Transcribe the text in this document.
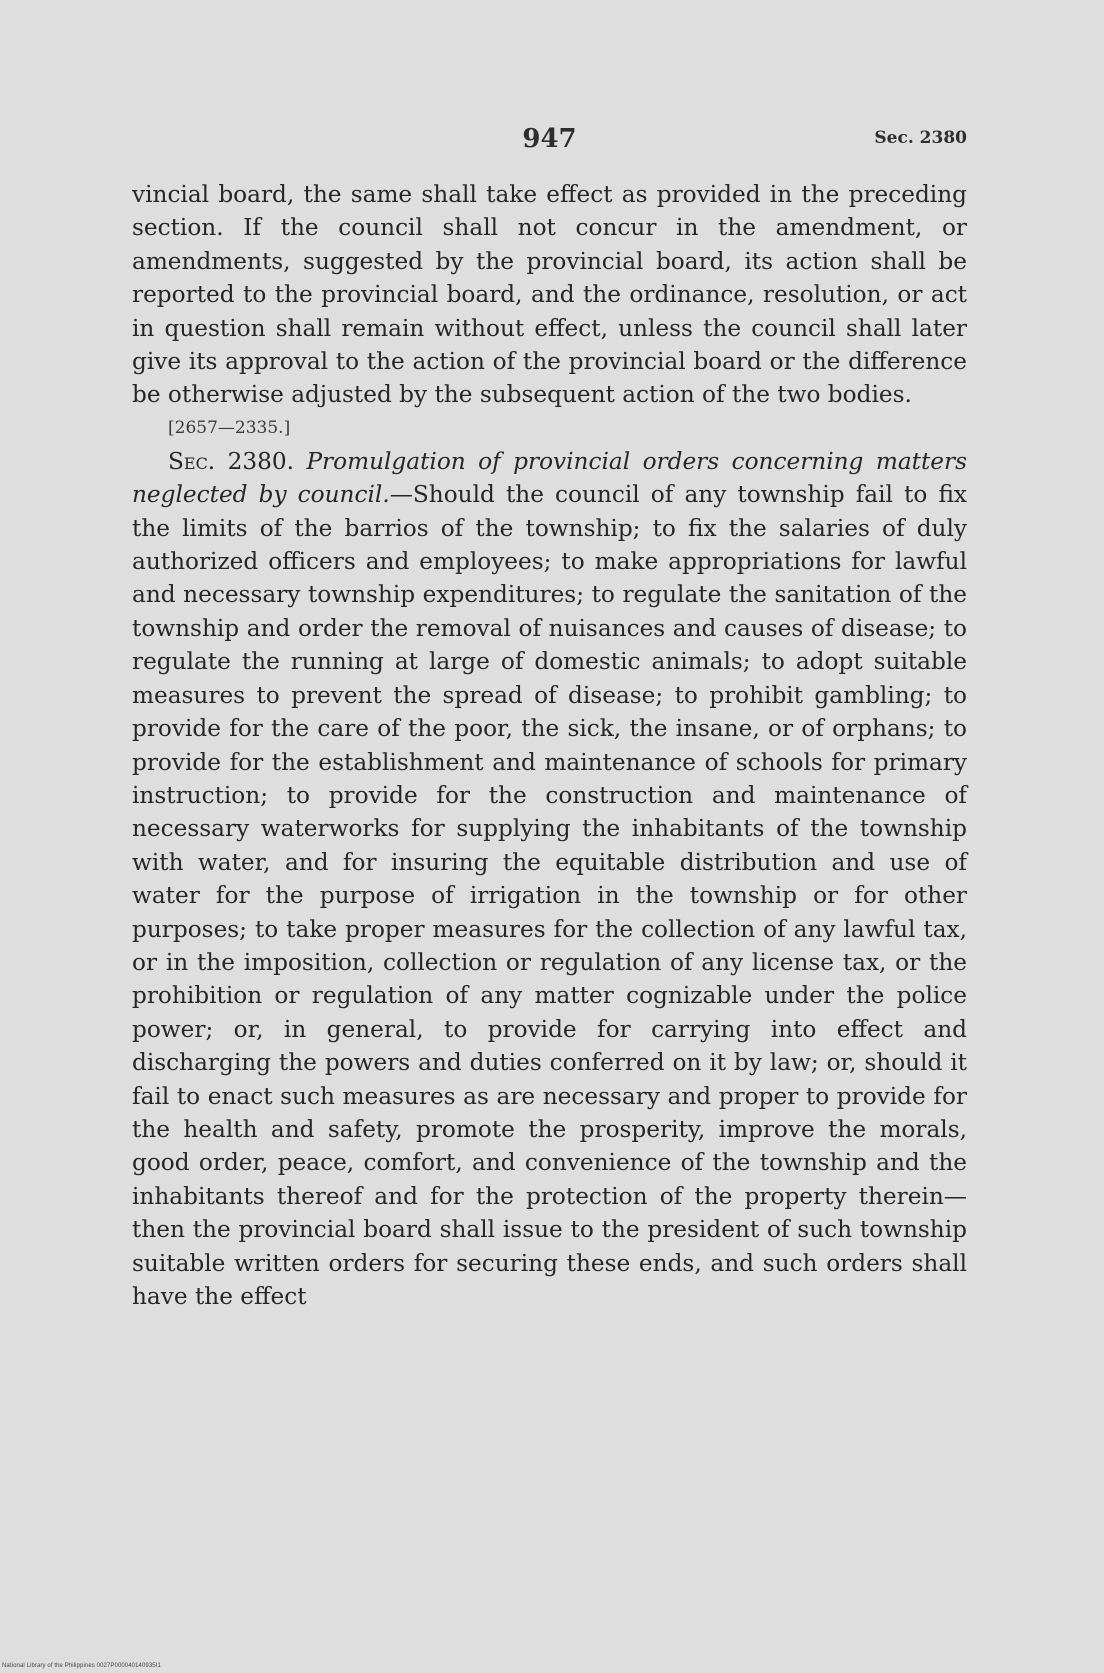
947	Sec. 2380

vincial board, the same shall take effect as provided in the preceding section. If the council shall not concur in the amendment, or amendments, suggested by the provincial board, its action shall be reported to the provincial board, and the ordinance, resolution, or act in question shall remain without effect, unless the council shall later give its approval to the action of the provincial board or the difference be otherwise adjusted by the subsequent action of the two bodies.

[2657—2335.]

Sec. 2380. Promulgation of provincial orders concerning matters neglected by council.—Should the council of any township fail to fix the limits of the barrios of the township; to fix the salaries of duly authorized officers and employees; to make appropriations for lawful and necessary township expenditures; to regulate the sanitation of the township and order the removal of nuisances and causes of disease; to regulate the running at large of domestic animals; to adopt suitable measures to prevent the spread of disease; to prohibit gambling; to provide for the care of the poor, the sick, the insane, or of orphans; to provide for the establishment and maintenance of schools for primary instruction; to provide for the construction and maintenance of necessary waterworks for supplying the inhabitants of the township with water, and for insuring the equitable distribution and use of water for the purpose of irrigation in the township or for other purposes; to take proper measures for the collection of any lawful tax, or in the imposition, collection or regulation of any license tax, or the prohibition or regulation of any matter cognizable under the police power; or, in general, to provide for carrying into effect and discharging the powers and duties conferred on it by law; or, should it fail to enact such measures as are necessary and proper to provide for the health and safety, promote the prosperity, improve the morals, good order, peace, comfort, and convenience of the township and the inhabitants thereof and for the protection of the property therein—then the provincial board shall issue to the president of such township suitable written orders for securing these ends, and such orders shall have the effect

National Library of the Philippines 0027P000040140935I1
